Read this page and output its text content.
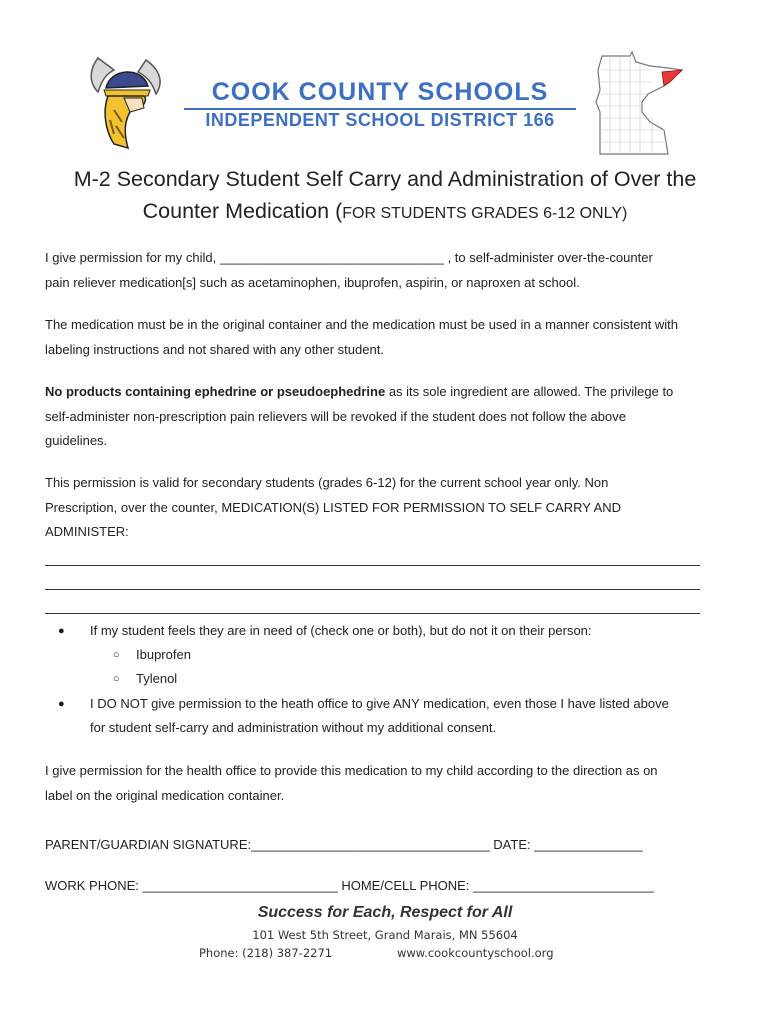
COOK COUNTY SCHOOLS
INDEPENDENT SCHOOL DISTRICT 166
M-2 Secondary Student Self Carry and Administration of Over the
Counter Medication (FOR STUDENTS GRADES 6-12 ONLY)
I give permission for my child, _______________________________ , to self-administer over-the-counter
pain reliever medication[s] such as acetaminophen, ibuprofen, aspirin, or naproxen at school.
The medication must be in the original container and the medication must be used in a manner consistent with
labeling instructions and not shared with any other student.
No products containing ephedrine or pseudoephedrine as its sole ingredient are allowed. The privilege to
self-administer non-prescription pain relievers will be revoked if the student does not follow the above
guidelines.
This permission is valid for secondary students (grades 6-12) for the current school year only. Non
Prescription, over the counter, MEDICATION(S) LISTED FOR PERMISSION TO SELF CARRY AND
ADMINISTER:
● If my student feels they are in need of (check one or both), but do not it on their person:
○ Ibuprofen
○ Tylenol
● I DO NOT give permission to the heath office to give ANY medication, even those I have listed above
for student self-carry and administration without my additional consent.
I give permission for the health office to provide this medication to my child according to the direction as on
label on the original medication container.
PARENT/GUARDIAN SIGNATURE:_________________________________ DATE: _______________
WORK PHONE: ___________________________ HOME/CELL PHONE: _________________________
Success for Each, Respect for All
101 West 5th Street, Grand Marais, MN 55604
Phone: (218) 387-2271	www.cookcountyschool.org
